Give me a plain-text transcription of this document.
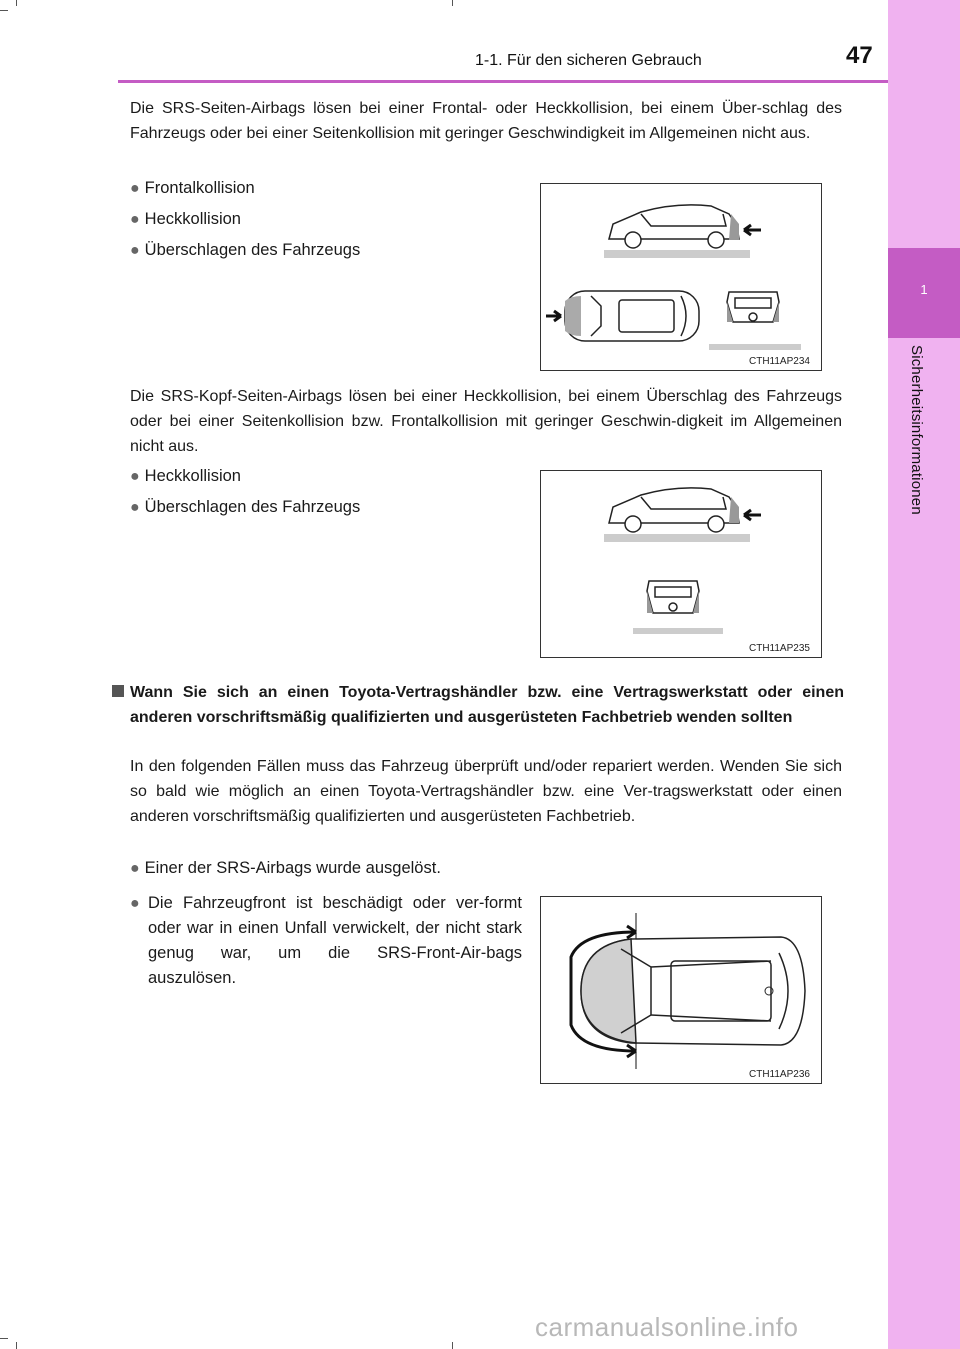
1
Sicherheitsinformationen
1-1. Für den sicheren Gebrauch	47

Die SRS-Seiten-Airbags lösen bei einer Frontal- oder Heckkollision, bei einem Über-schlag des Fahrzeugs oder bei einer Seitenkollision mit geringer Geschwindigkeit im Allgemeinen nicht aus.

● Frontalkollision
● Heckkollision
● Überschlagen des Fahrzeugs
CTH11AP234

Die SRS-Kopf-Seiten-Airbags lösen bei einer Heckkollision, bei einem Überschlag des Fahrzeugs oder bei einer Seitenkollision bzw. Frontalkollision mit geringer Geschwin-digkeit im Allgemeinen nicht aus.

● Heckkollision
● Überschlagen des Fahrzeugs
CTH11AP235
Wann Sie sich an einen Toyota-Vertragshändler bzw. eine Vertragswerkstatt oder einen anderen vorschriftsmäßig qualifizierten und ausgerüsteten Fachbetrieb wenden sollten

In den folgenden Fällen muss das Fahrzeug überprüft und/oder repariert werden. Wenden Sie sich so bald wie möglich an einen Toyota-Vertragshändler bzw. eine Ver-tragswerkstatt oder einen anderen vorschriftsmäßig qualifizierten und ausgerüsteten Fachbetrieb.

● Einer der SRS-Airbags wurde ausgelöst.
● Die Fahrzeugfront ist beschädigt oder ver-formt oder war in einen Unfall verwickelt, der nicht stark genug war, um die SRS-Front-Air-bags auszulösen.
CTH11AP236
carmanualsonline.info
